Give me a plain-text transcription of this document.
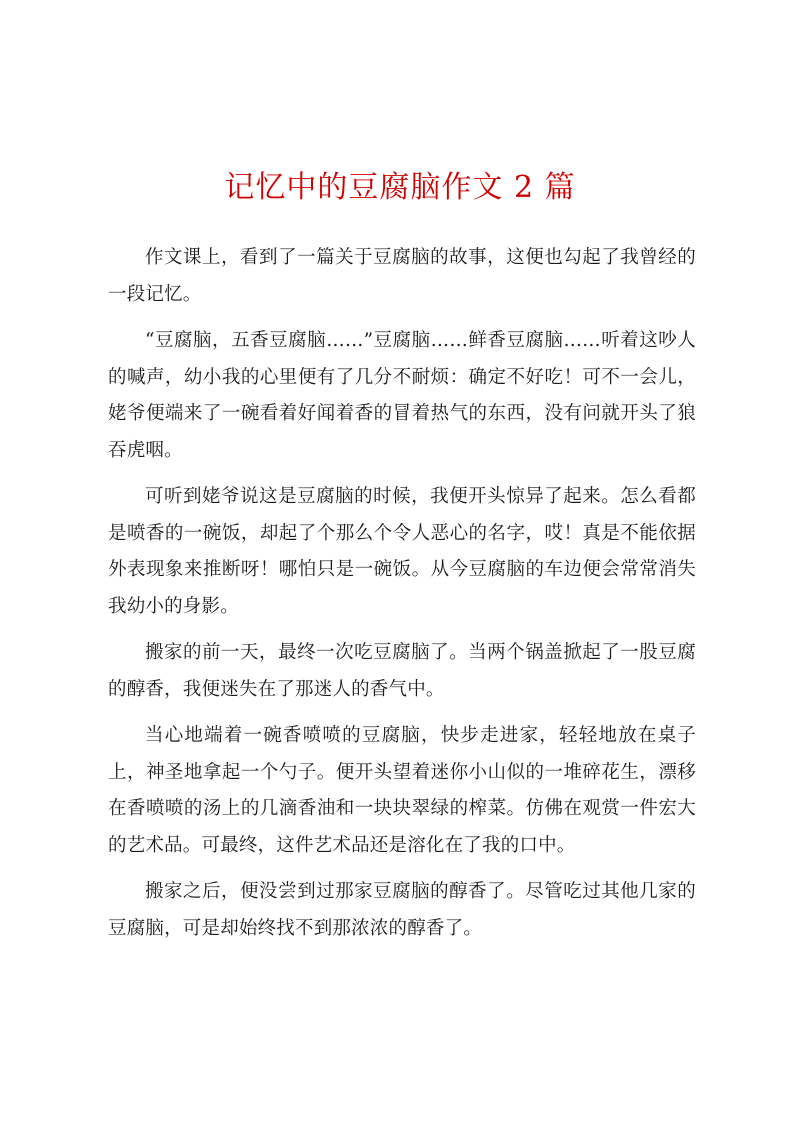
记忆中的豆腐脑作文 2 篇

作文课上，看到了一篇关于豆腐脑的故事，这便也勾起了我曾经的一段记忆。

“豆腐脑，五香豆腐脑……”豆腐脑……鲜香豆腐脑……听着这吵人的喊声，幼小我的心里便有了几分不耐烦：确定不好吃！可不一会儿，姥爷便端来了一碗看着好闻着香的冒着热气的东西，没有问就开头了狼吞虎咽。

可听到姥爷说这是豆腐脑的时候，我便开头惊异了起来。怎么看都是喷香的一碗饭，却起了个那么个令人恶心的名字，哎！真是不能依据外表现象来推断呀！哪怕只是一碗饭。从今豆腐脑的车边便会常常消失我幼小的身影。

搬家的前一天，最终一次吃豆腐脑了。当两个锅盖掀起了一股豆腐的醇香，我便迷失在了那迷人的香气中。

当心地端着一碗香喷喷的豆腐脑，快步走进家，轻轻地放在桌子上，神圣地拿起一个勺子。便开头望着迷你小山似的一堆碎花生，漂移在香喷喷的汤上的几滴香油和一块块翠绿的榨菜。仿佛在观赏一件宏大的艺术品。可最终，这件艺术品还是溶化在了我的口中。

搬家之后，便没尝到过那家豆腐脑的醇香了。尽管吃过其他几家的豆腐脑，可是却始终找不到那浓浓的醇香了。
